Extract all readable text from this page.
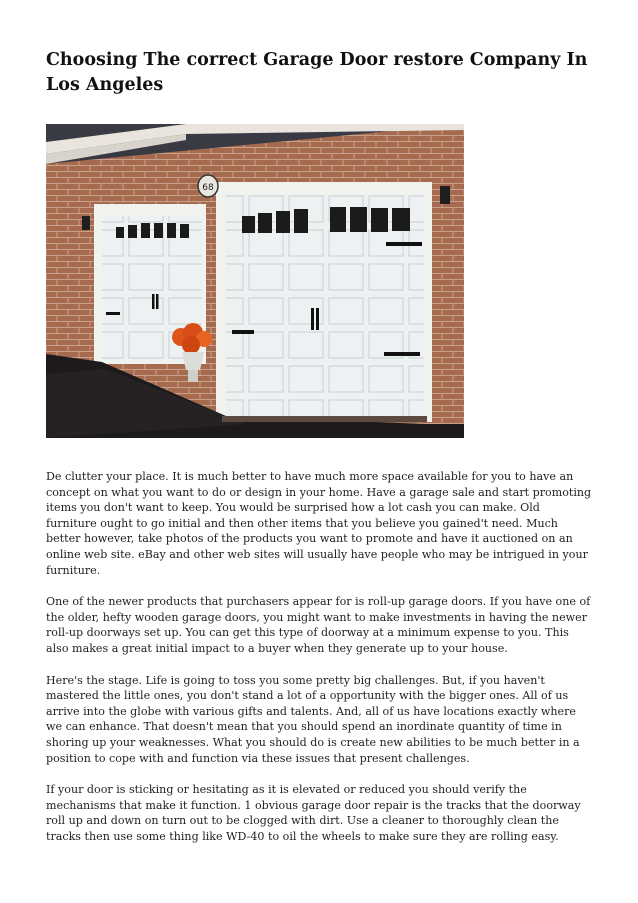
Choosing The correct Garage Door restore Company In Los Angeles
68

De clutter your place. It is much better to have much more space available for you to have an concept on what you want to do or design in your home. Have a garage sale and start promoting items you don't want to keep. You would be surprised how a lot cash you can make. Old furniture ought to go initial and then other items that you believe you gained't need. Much better however, take photos of the products you want to promote and have it auctioned on an online web site. eBay and other web sites will usually have people who may be intrigued in your furniture.

One of the newer products that purchasers appear for is roll-up garage doors. If you have one of the older, hefty wooden garage doors, you might want to make investments in having the newer roll-up doorways set up. You can get this type of doorway at a minimum expense to you. This also makes a great initial impact to a buyer when they generate up to your house.

Here's the stage. Life is going to toss you some pretty big challenges. But, if you haven't mastered the little ones, you don't stand a lot of a opportunity with the bigger ones. All of us arrive into the globe with various gifts and talents. And, all of us have locations exactly where we can enhance. That doesn't mean that you should spend an inordinate quantity of time in shoring up your weaknesses. What you should do is create new abilities to be much better in a position to cope with and function via these issues that present challenges.

If your door is sticking or hesitating as it is elevated or reduced you should verify the mechanisms that make it function. 1 obvious garage door repair is the tracks that the doorway roll up and down on turn out to be clogged with dirt. Use a cleaner to thoroughly clean the tracks then use some thing like WD-40 to oil the wheels to make sure they are rolling easy.
